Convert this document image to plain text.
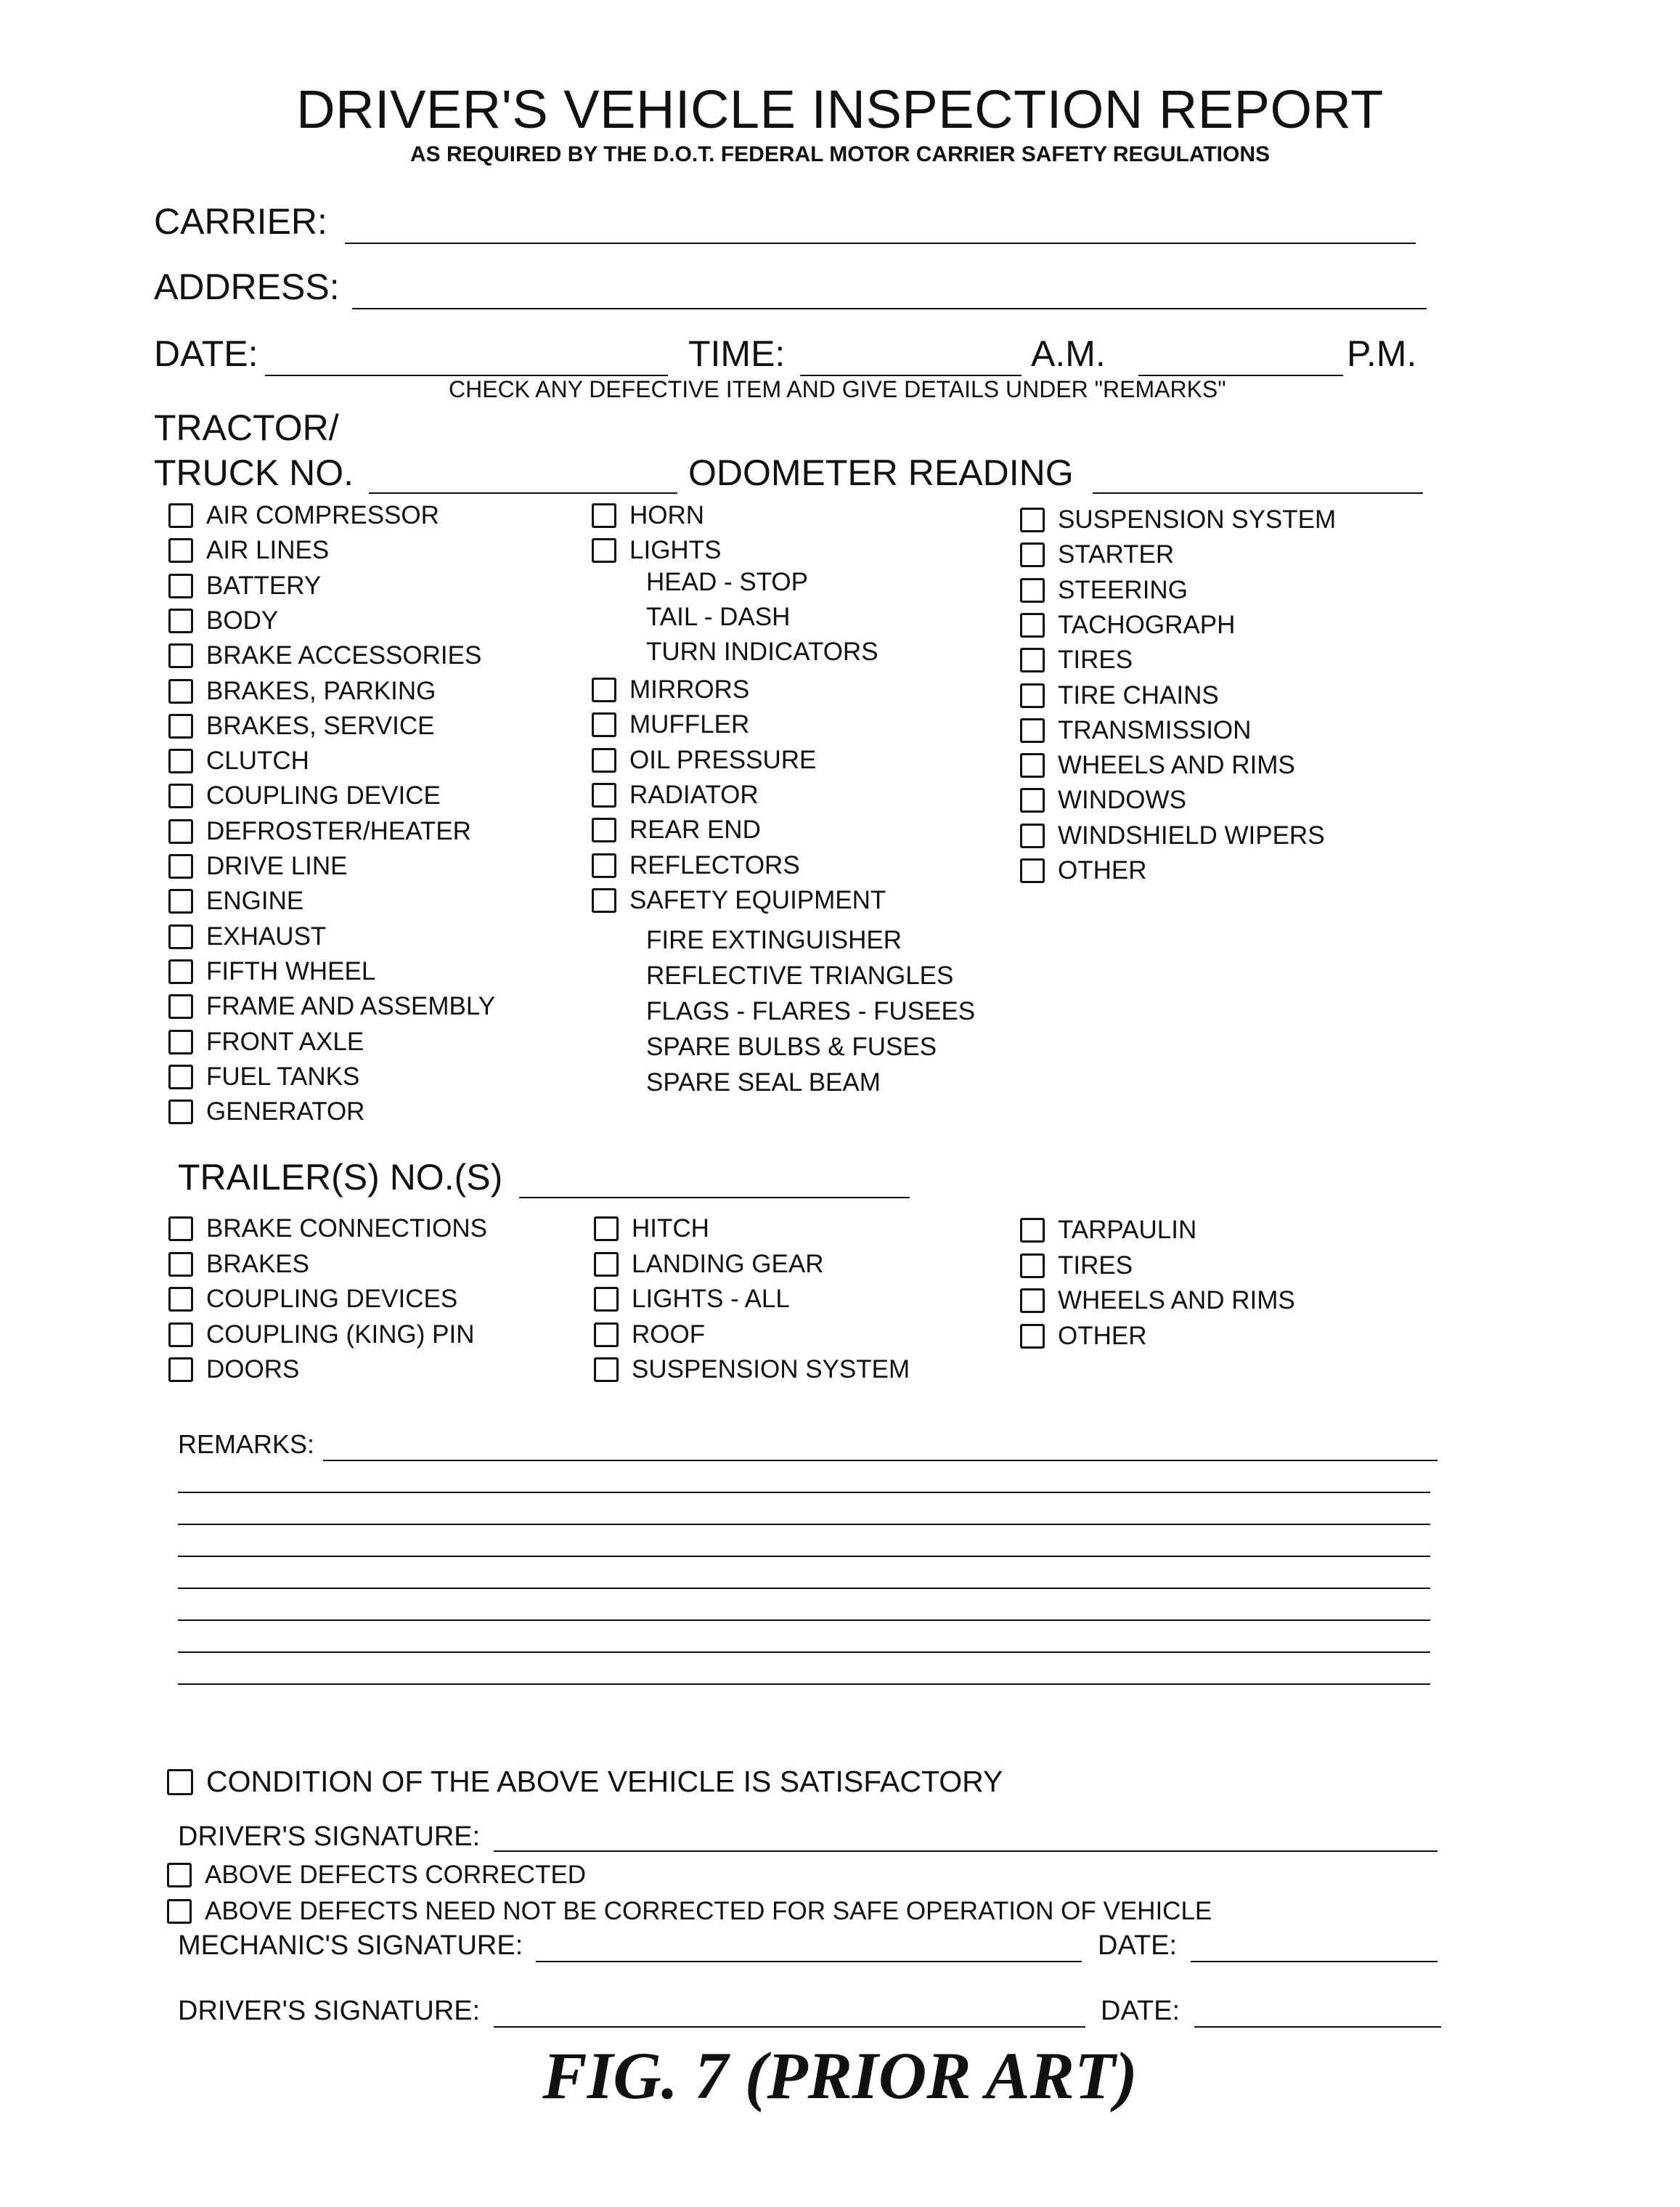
DRIVER'S VEHICLE INSPECTION REPORT
AS REQUIRED BY THE D.O.T. FEDERAL MOTOR CARRIER SAFETY REGULATIONS
CARRIER:
ADDRESS:
DATE:	TIME:	A.M.	P.M.
CHECK ANY DEFECTIVE ITEM AND GIVE DETAILS UNDER "REMARKS"
TRACTOR/
TRUCK NO.	ODOMETER READING
AIR COMPRESSOR
AIR LINES
BATTERY
BODY
BRAKE ACCESSORIES
BRAKES, PARKING
BRAKES, SERVICE
CLUTCH
COUPLING DEVICE
DEFROSTER/HEATER
DRIVE LINE
ENGINE
EXHAUST
FIFTH WHEEL
FRAME AND ASSEMBLY
FRONT AXLE
FUEL TANKS
GENERATOR
HORN
LIGHTS
HEAD - STOP
TAIL - DASH
TURN INDICATORS
MIRRORS
MUFFLER
OIL PRESSURE
RADIATOR
REAR END
REFLECTORS
SAFETY EQUIPMENT
FIRE EXTINGUISHER
REFLECTIVE TRIANGLES
FLAGS - FLARES - FUSEES
SPARE BULBS & FUSES
SPARE SEAL BEAM
SUSPENSION SYSTEM
STARTER
STEERING
TACHOGRAPH
TIRES
TIRE CHAINS
TRANSMISSION
WHEELS AND RIMS
WINDOWS
WINDSHIELD WIPERS
OTHER
TRAILER(S) NO.(S)
BRAKE CONNECTIONS
BRAKES
COUPLING DEVICES
COUPLING (KING) PIN
DOORS
HITCH
LANDING GEAR
LIGHTS - ALL
ROOF
SUSPENSION SYSTEM
TARPAULIN
TIRES
WHEELS AND RIMS
OTHER
REMARKS:
CONDITION OF THE ABOVE VEHICLE IS SATISFACTORY
DRIVER'S SIGNATURE:
ABOVE DEFECTS CORRECTED
ABOVE DEFECTS NEED NOT BE CORRECTED FOR SAFE OPERATION OF VEHICLE
MECHANIC'S SIGNATURE:	DATE:
DRIVER'S SIGNATURE:	DATE:
FIG. 7 (PRIOR ART)
